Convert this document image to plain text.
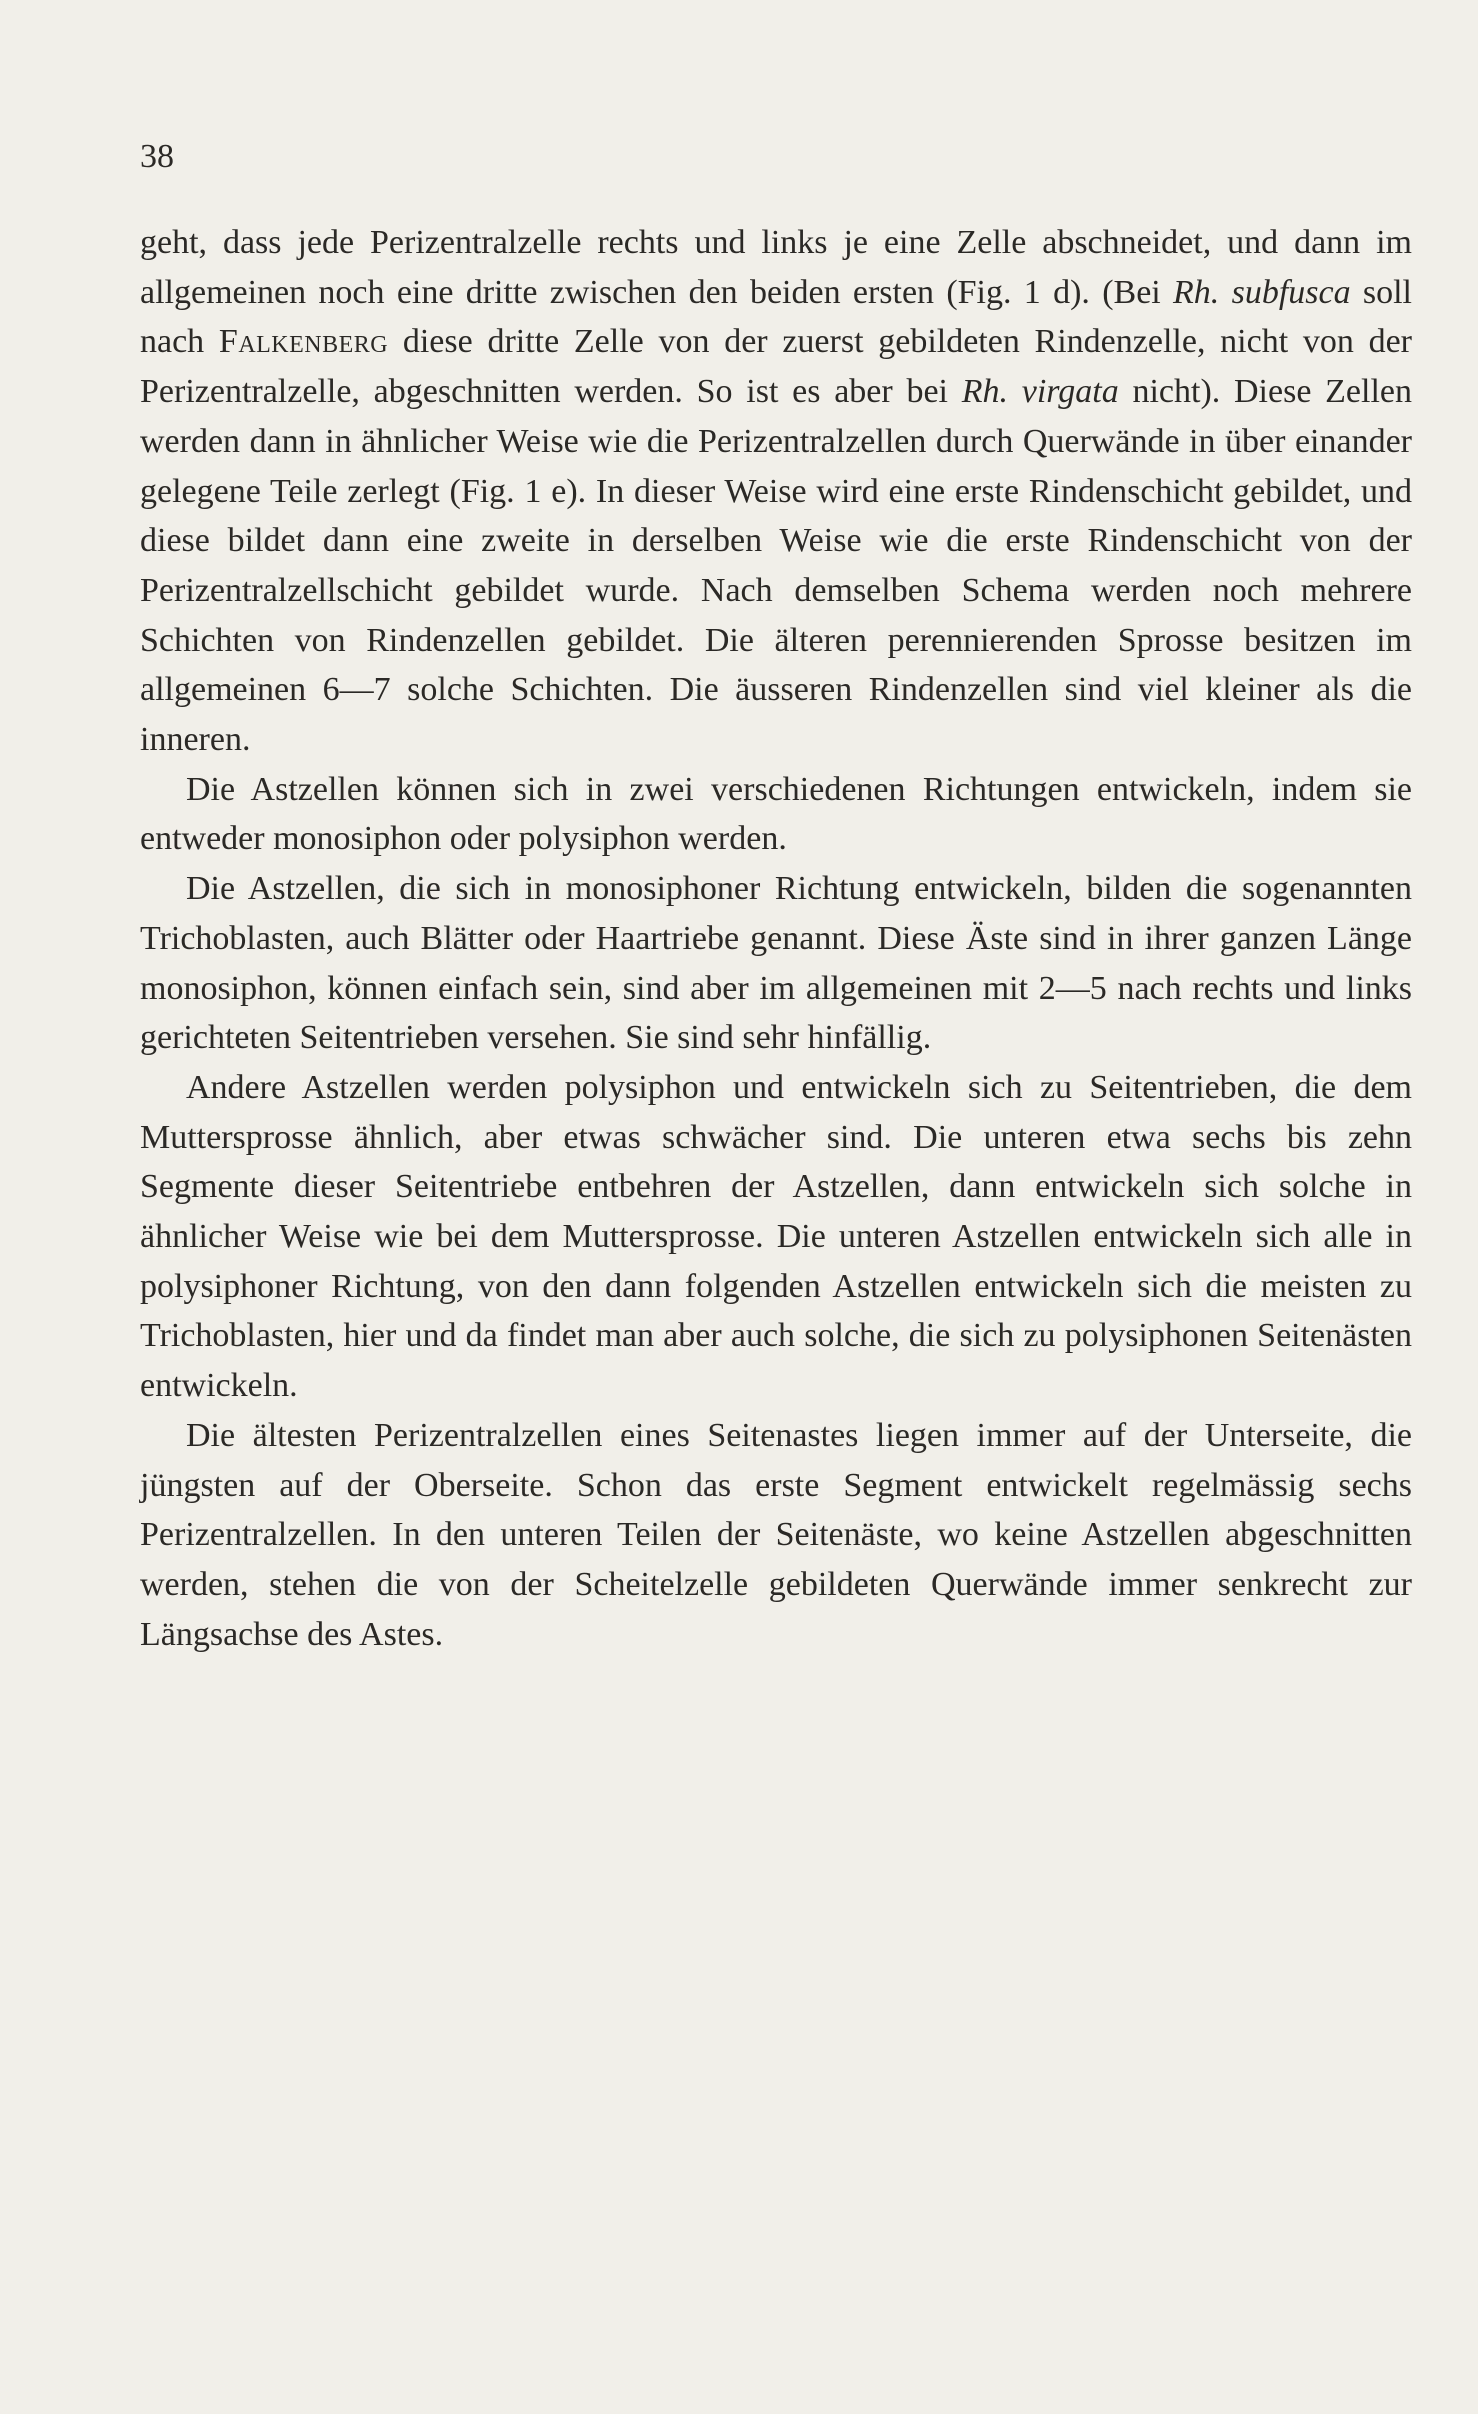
38

geht, dass jede Perizentralzelle rechts und links je eine Zelle abschneidet, und dann im allgemeinen noch eine dritte zwischen den beiden ersten (Fig. 1 d). (Bei Rh. subfusca soll nach Falkenberg diese dritte Zelle von der zuerst gebildeten Rindenzelle, nicht von der Perizentralzelle, abgeschnitten werden. So ist es aber bei Rh. virgata nicht). Diese Zellen werden dann in ähnlicher Weise wie die Perizentralzellen durch Querwände in über einander gelegene Teile zerlegt (Fig. 1 e). In dieser Weise wird eine erste Rindenschicht gebildet, und diese bildet dann eine zweite in derselben Weise wie die erste Rindenschicht von der Perizentralzellschicht gebildet wurde. Nach demselben Schema werden noch mehrere Schichten von Rindenzellen gebildet. Die älteren perennierenden Sprosse besitzen im allgemeinen 6—7 solche Schichten. Die äusseren Rindenzellen sind viel kleiner als die inneren.

Die Astzellen können sich in zwei verschiedenen Richtungen entwickeln, indem sie entweder monosiphon oder polysiphon werden.

Die Astzellen, die sich in monosiphoner Richtung entwickeln, bilden die sogenannten Trichoblasten, auch Blätter oder Haartriebe genannt. Diese Äste sind in ihrer ganzen Länge monosiphon, können einfach sein, sind aber im allgemeinen mit 2—5 nach rechts und links gerichteten Seitentrieben versehen. Sie sind sehr hinfällig.

Andere Astzellen werden polysiphon und entwickeln sich zu Seitentrieben, die dem Muttersprosse ähnlich, aber etwas schwächer sind. Die unteren etwa sechs bis zehn Segmente dieser Seitentriebe entbehren der Astzellen, dann entwickeln sich solche in ähnlicher Weise wie bei dem Muttersprosse. Die unteren Astzellen entwickeln sich alle in polysiphoner Richtung, von den dann folgenden Astzellen entwickeln sich die meisten zu Trichoblasten, hier und da findet man aber auch solche, die sich zu polysiphonen Seitenästen entwickeln.

Die ältesten Perizentralzellen eines Seitenastes liegen immer auf der Unterseite, die jüngsten auf der Oberseite. Schon das erste Segment entwickelt regelmässig sechs Perizentralzellen. In den unteren Teilen der Seitenäste, wo keine Astzellen abgeschnitten werden, stehen die von der Scheitelzelle gebildeten Querwände immer senkrecht zur Längsachse des Astes.
